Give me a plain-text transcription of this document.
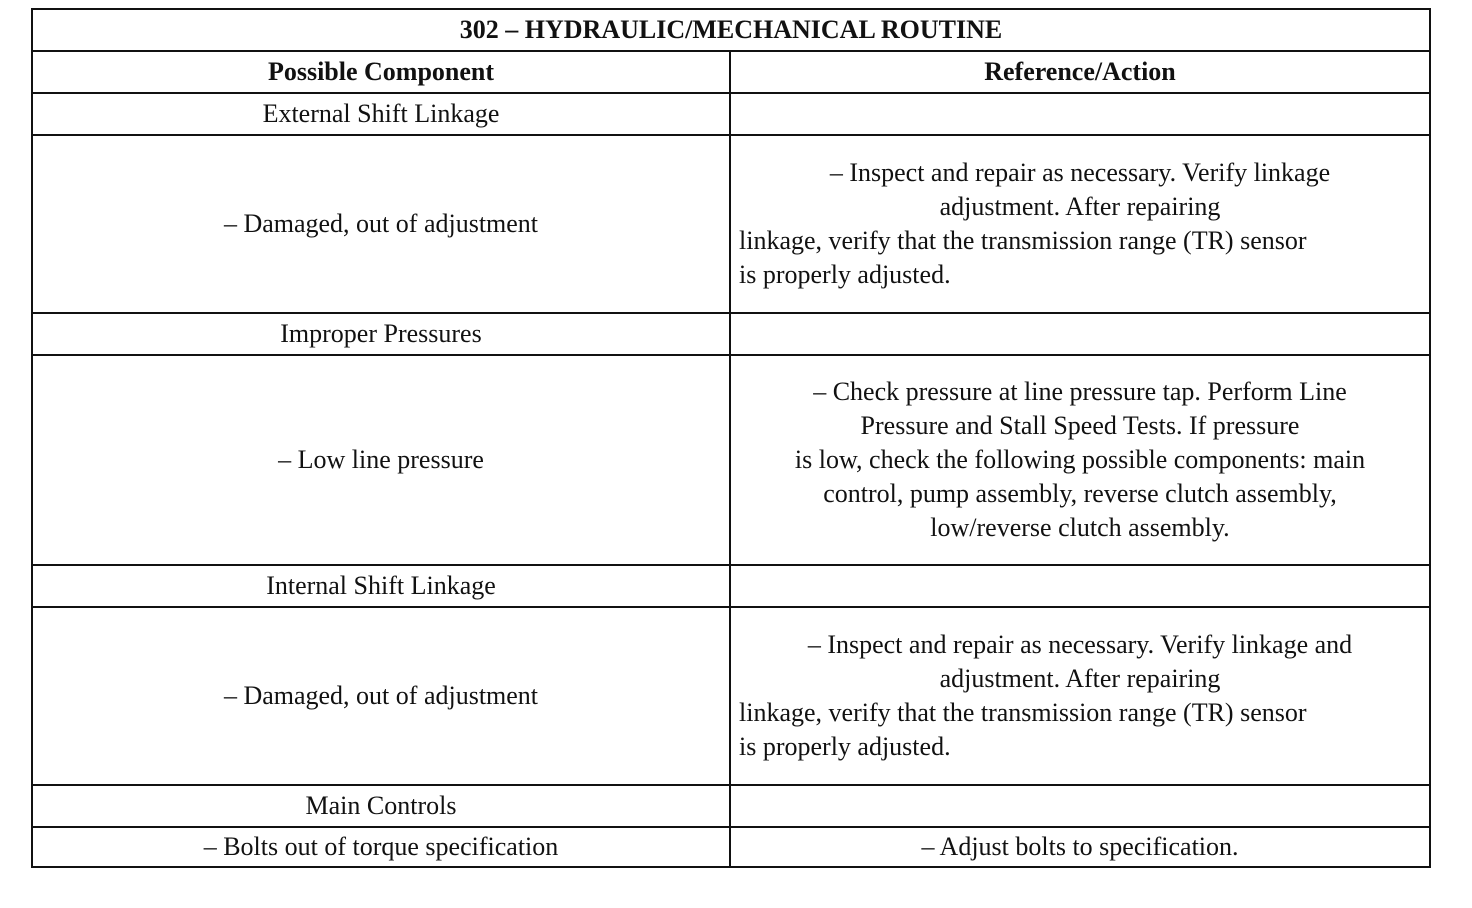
302 – HYDRAULIC/MECHANICAL ROUTINE	
Possible Component	Reference/Action
External Shift Linkage	
– Damaged, out of adjustment	– Inspect and repair as necessary. Verify linkage
adjustment. After repairing
linkage, verify that the transmission range (TR) sensor
is properly adjusted.

Improper Pressures	
– Low line pressure	– Check pressure at line pressure tap. Perform Line
Pressure and Stall Speed Tests. If pressure
is low, check the following possible components: main
control, pump assembly, reverse clutch assembly,
low/reverse clutch assembly.

Internal Shift Linkage	
– Damaged, out of adjustment	– Inspect and repair as necessary. Verify linkage and
adjustment. After repairing
linkage, verify that the transmission range (TR) sensor
is properly adjusted.

Main Controls	
– Bolts out of torque specification	– Adjust bolts to specification.
